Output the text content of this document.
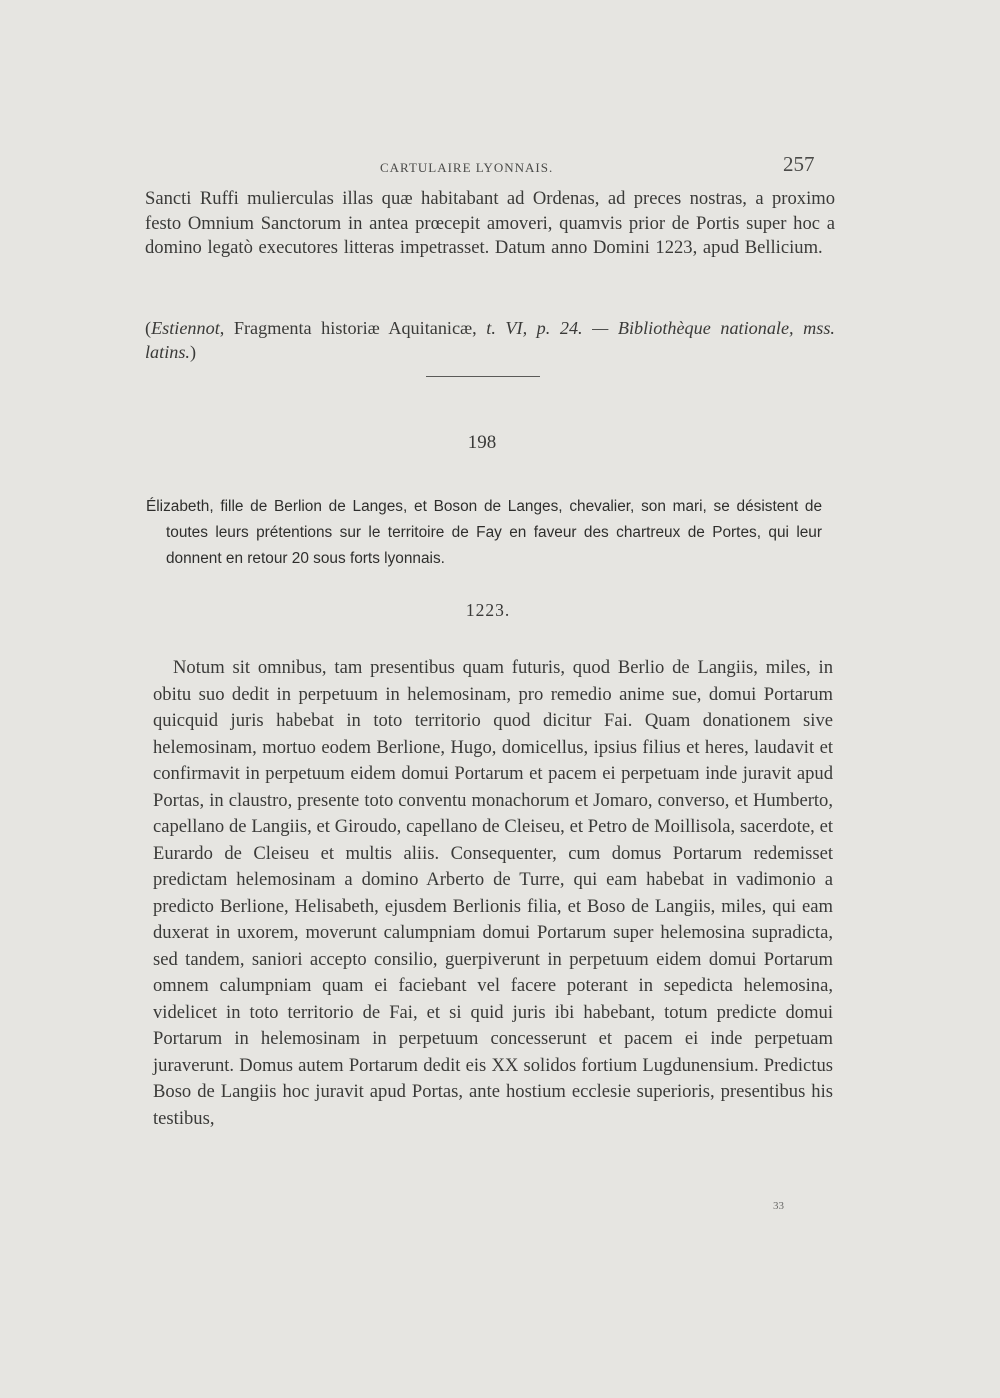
CARTULAIRE LYONNAIS.	257

Sancti Ruffi mulierculas illas quæ habitabant ad Ordenas, ad preces nostras, a proximo festo Omnium Sanctorum in antea prœcepit amoveri, quamvis prior de Portis super hoc a domino legatò executores litteras impetrasset. Datum anno Domini 1223, apud Bellicium.

(Estiennot, Fragmenta historiæ Aquitanicæ, t. VI, p. 24. — Bibliothèque nationale, mss. latins.)

198

Élizabeth, fille de Berlion de Langes, et Boson de Langes, chevalier, son mari, se désistent de toutes leurs prétentions sur le territoire de Fay en faveur des chartreux de Portes, qui leur donnent en retour 20 sous forts lyonnais.

1223.

Notum sit omnibus, tam presentibus quam futuris, quod Berlio de Langiis, miles, in obitu suo dedit in perpetuum in helemosinam, pro remedio anime sue, domui Portarum quicquid juris habebat in toto territorio quod dicitur Fai. Quam donationem sive helemosinam, mortuo eodem Berlione, Hugo, domicellus, ipsius filius et heres, laudavit et confirmavit in perpetuum eidem domui Portarum et pacem ei perpetuam inde juravit apud Portas, in claustro, presente toto conventu monachorum et Jomaro, converso, et Humberto, capellano de Langiis, et Giroudo, capellano de Cleiseu, et Petro de Moillisola, sacerdote, et Eurardo de Cleiseu et multis aliis. Consequenter, cum domus Portarum redemisset predictam helemosinam a domino Arberto de Turre, qui eam habebat in vadimonio a predicto Berlione, Helisabeth, ejusdem Berlionis filia, et Boso de Langiis, miles, qui eam duxerat in uxorem, moverunt calumpniam domui Portarum super helemosina supradicta, sed tandem, saniori accepto consilio, guerpiverunt in perpetuum eidem domui Portarum omnem calumpniam quam ei faciebant vel facere poterant in sepedicta helemosina, videlicet in toto territorio de Fai, et si quid juris ibi habebant, totum predicte domui Portarum in helemosinam in perpetuum concesserunt et pacem ei inde perpetuam juraverunt. Domus autem Portarum dedit eis XX solidos fortium Lugdunensium. Predictus Boso de Langiis hoc juravit apud Portas, ante hostium ecclesie superioris, presentibus his testibus,

33
